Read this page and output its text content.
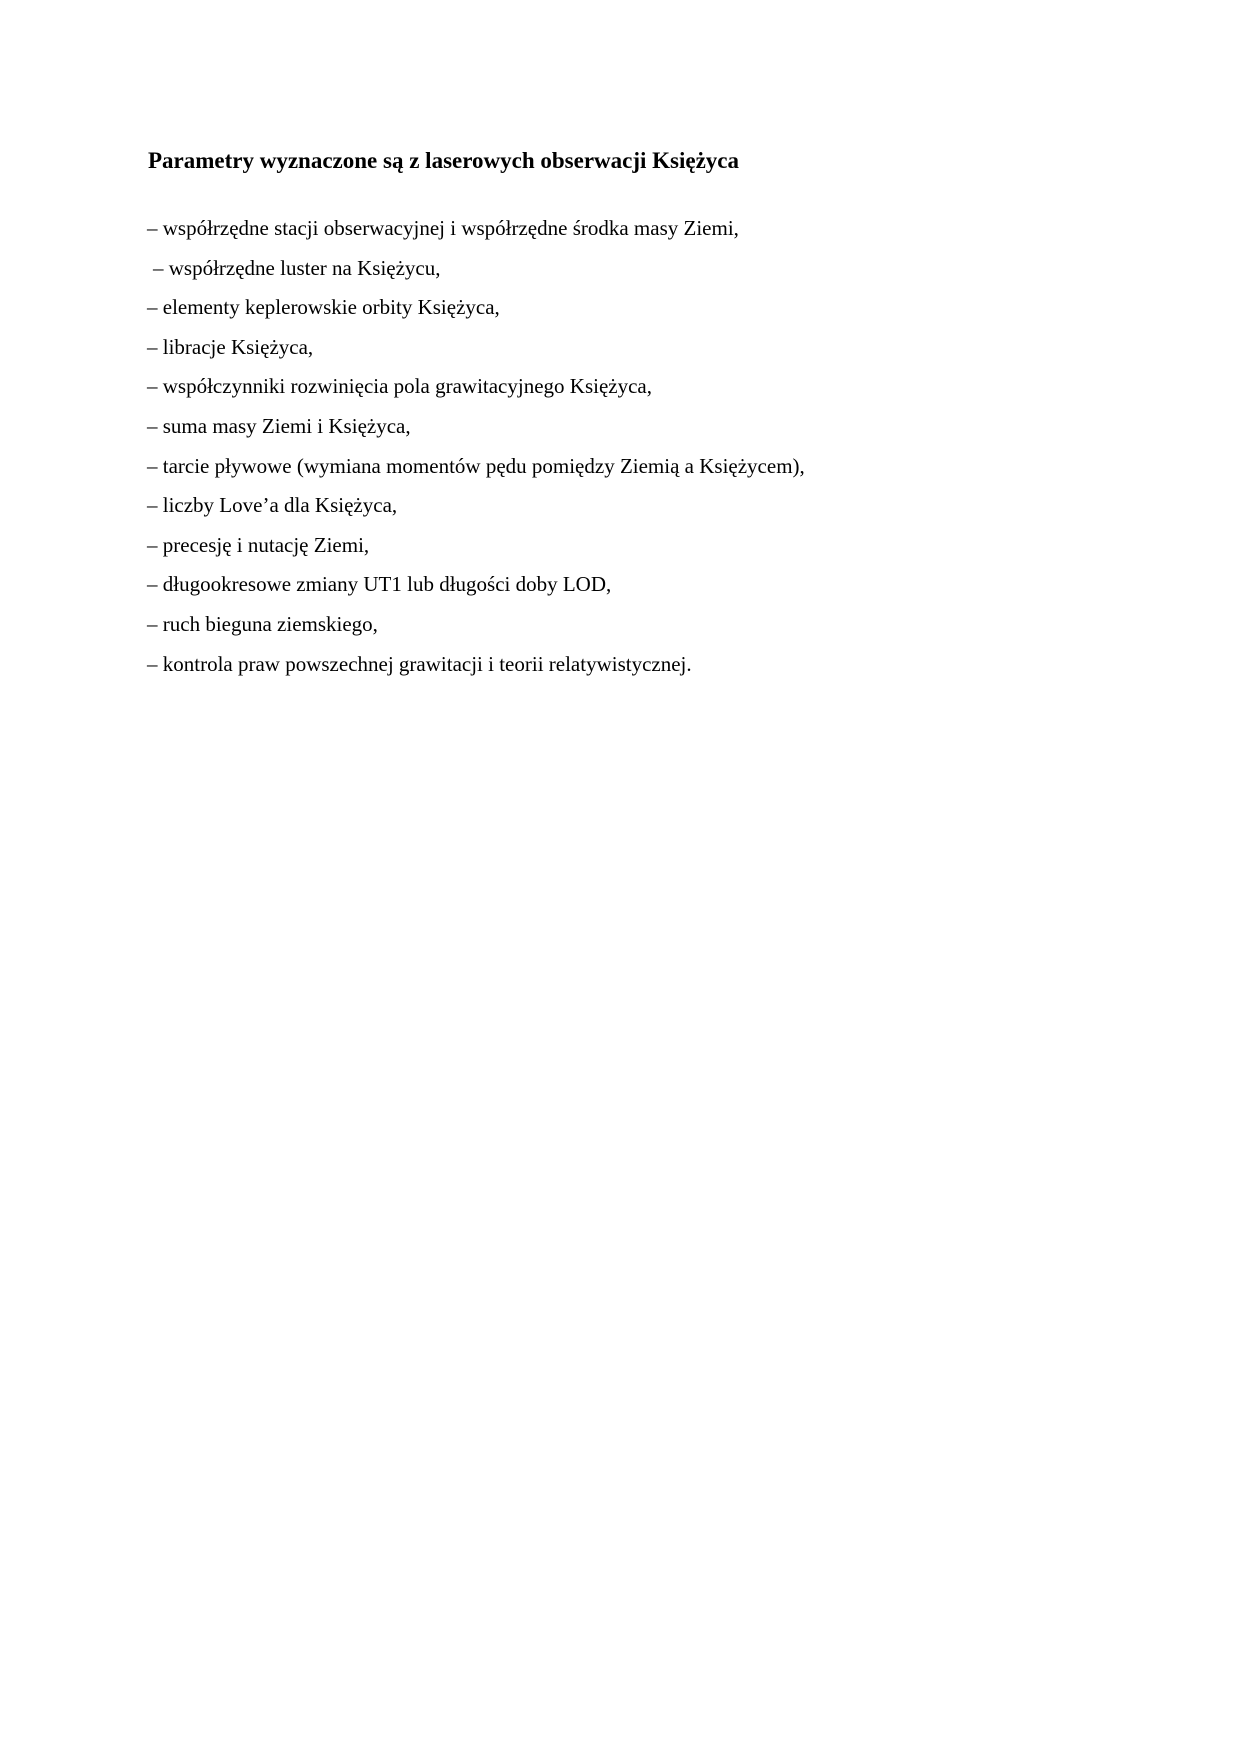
Parametry wyznaczone są z laserowych obserwacji Księżyca
– współrzędne stacji obserwacyjnej i współrzędne środka masy Ziemi,
– współrzędne luster na Księżycu,
– elementy keplerowskie orbity Księżyca,
– libracje Księżyca,
– współczynniki rozwinięcia pola grawitacyjnego Księżyca,
– suma masy Ziemi i Księżyca,
– tarcie pływowe (wymiana momentów pędu pomiędzy Ziemią a Księżycem),
– liczby Love’a dla Księżyca,
– precesję i nutację Ziemi,
– długookresowe zmiany UT1 lub długości doby LOD,
– ruch bieguna ziemskiego,
– kontrola praw powszechnej grawitacji i teorii relatywistycznej.
